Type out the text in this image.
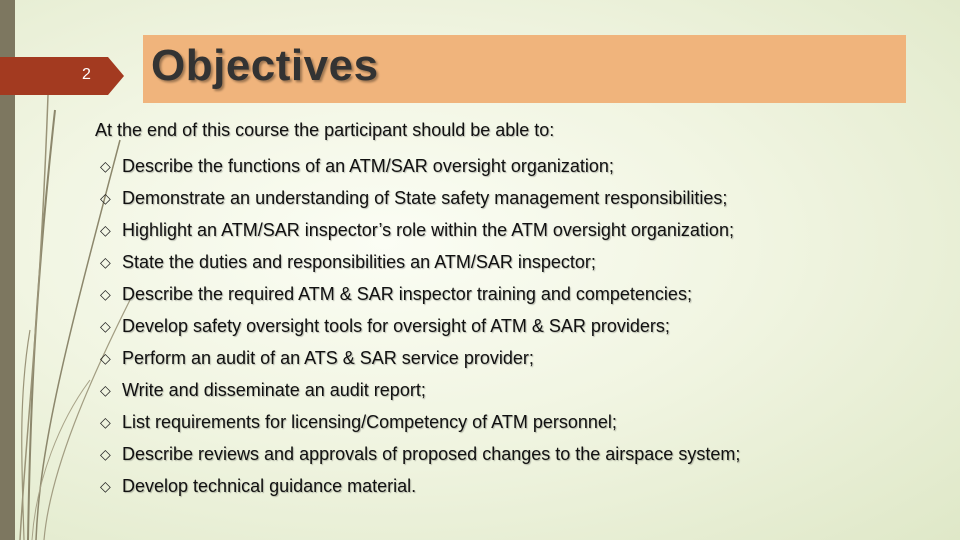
2 Objectives
At the end of this course the participant should be able to:
◇ Describe the functions of an ATM/SAR oversight organization;
◇ Demonstrate an understanding of State safety management responsibilities;
◇ Highlight an ATM/SAR inspector’s role within the ATM oversight organization;
◇ State the duties and responsibilities an ATM/SAR inspector;
◇ Describe the required ATM & SAR inspector training and competencies;
◇ Develop safety oversight tools for oversight of ATM & SAR providers;
◇ Perform an audit of an ATS & SAR service provider;
◇ Write and disseminate an audit report;
◇ List requirements for licensing/Competency of ATM personnel;
◇ Describe reviews and approvals of proposed changes to the airspace system;
◇ Develop technical guidance material.
